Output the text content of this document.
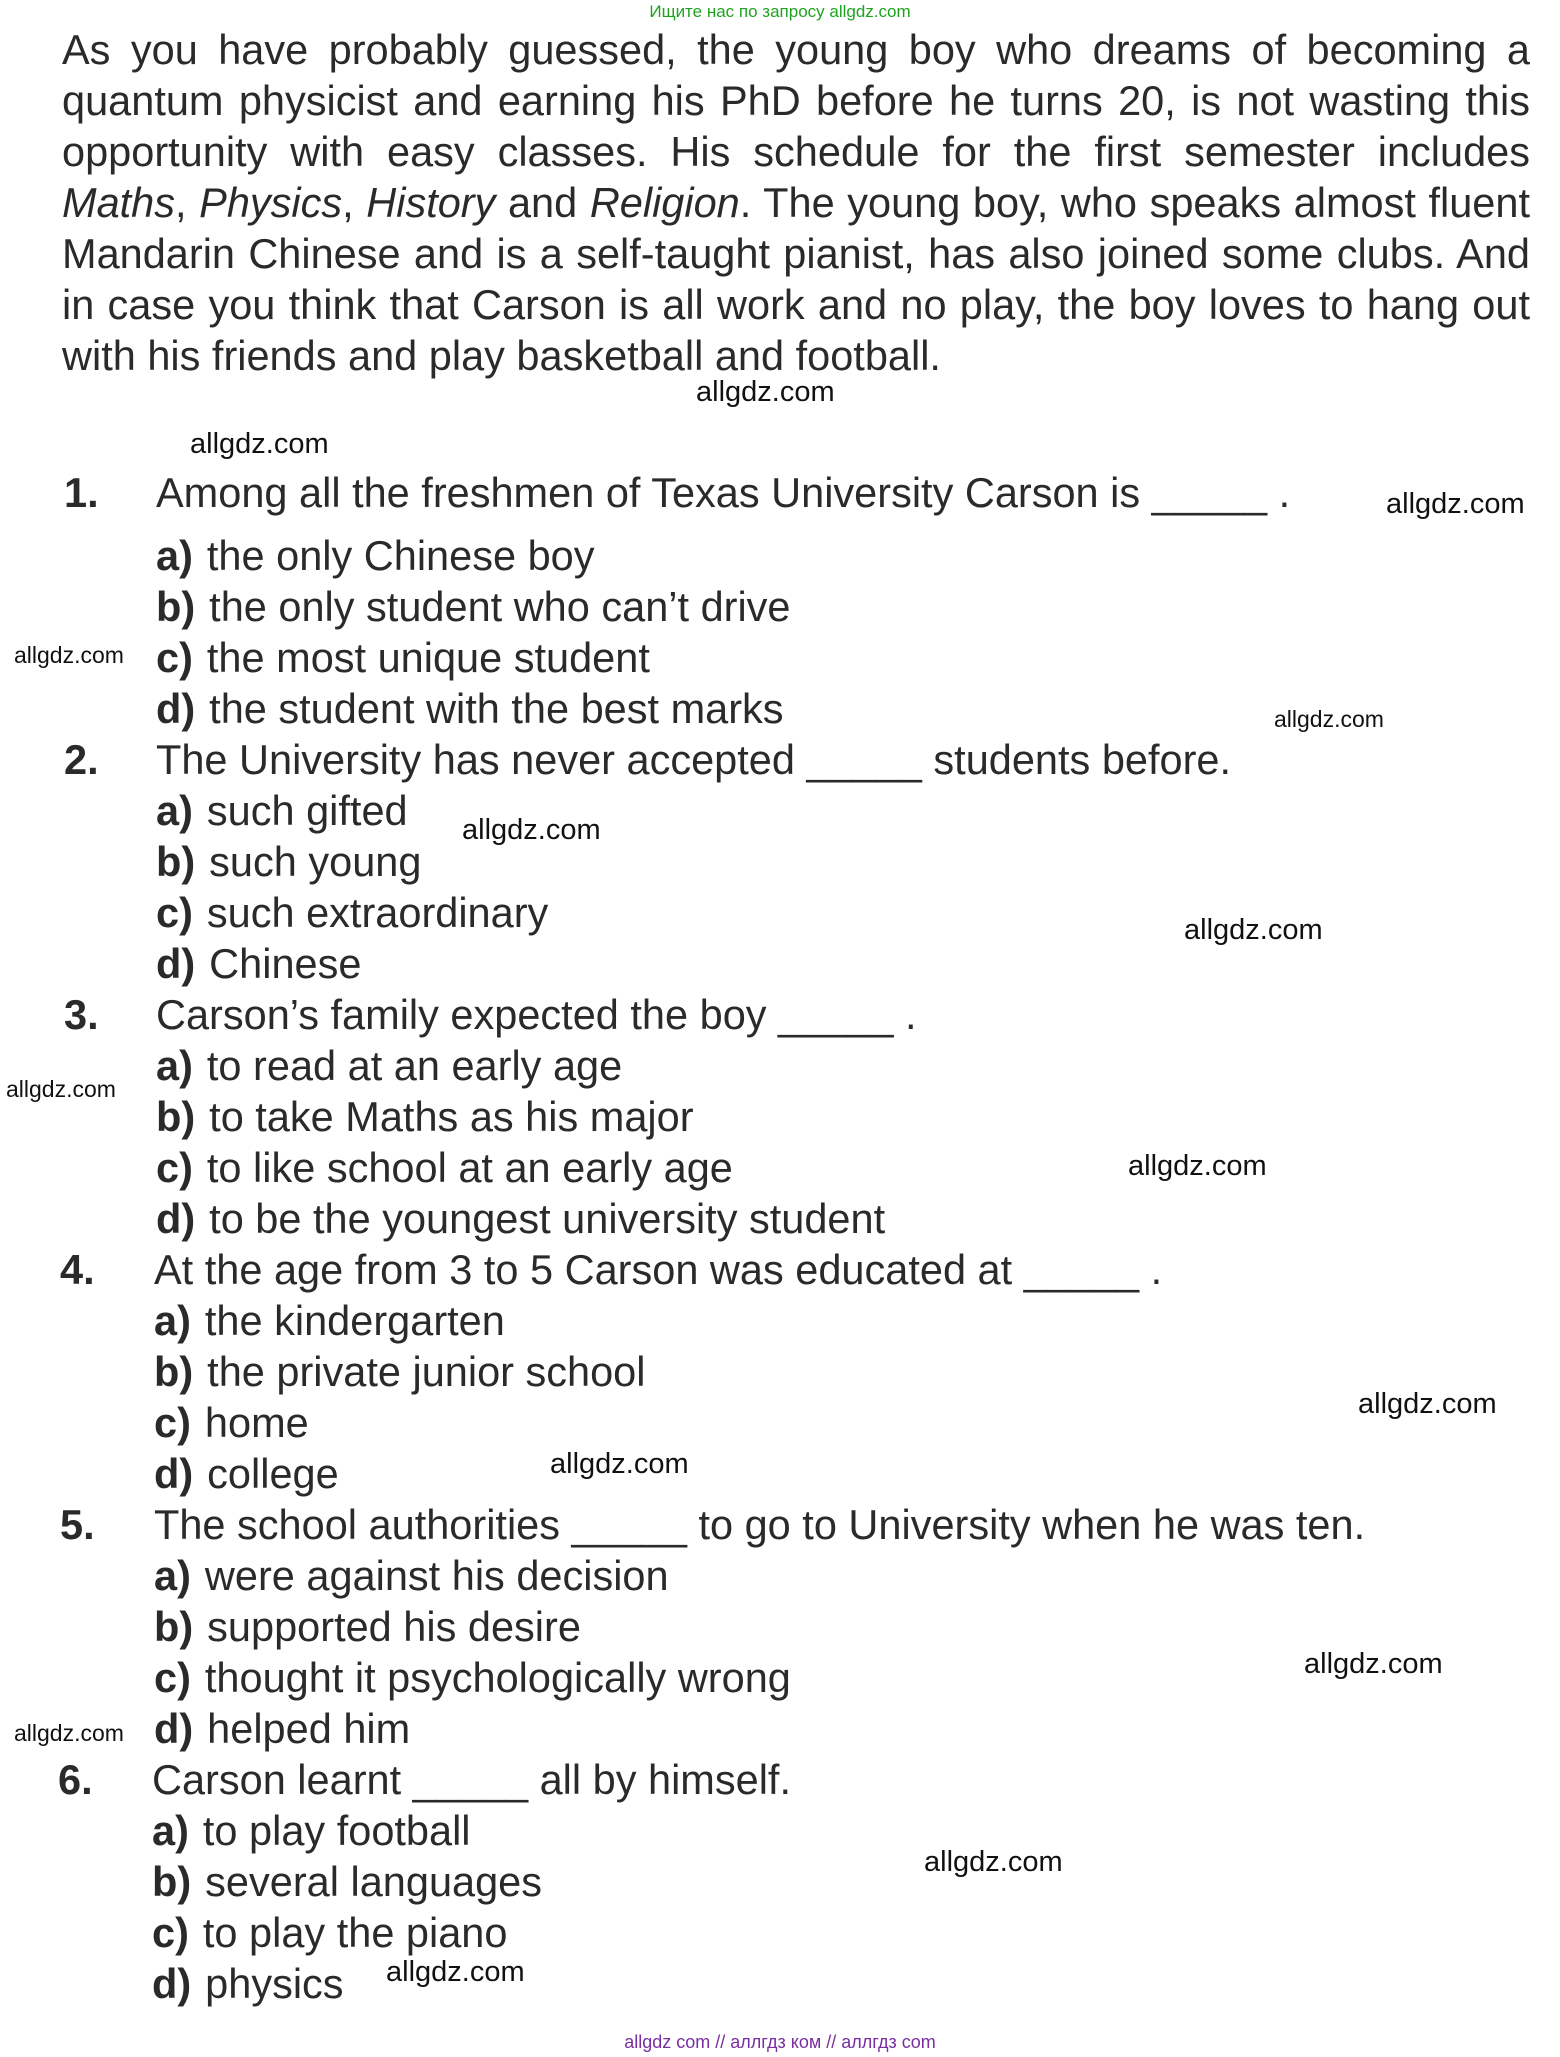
Ищите нас по запросу allgdz.com

As you have probably guessed, the young boy who dreams of becoming a quantum physicist and earning his PhD before he turns 20, is not wasting this opportunity with easy classes. His schedule for the first semester includes Maths, Physics, History and Religion. The young boy, who speaks almost fluent Mandarin Chinese and is a self-taught pianist, has also joined some clubs. And in case you think that Carson is all work and no play, the boy loves to hang out with his friends and play basketball and football.

1. Among all the freshmen of Texas University Carson is _____ .
a) the only Chinese boy
b) the only student who can’t drive
c) the most unique student
d) the student with the best marks
2. The University has never accepted _____ students before.
a) such gifted
b) such young
c) such extraordinary
d) Chinese
3. Carson’s family expected the boy _____ .
a) to read at an early age
b) to take Maths as his major
c) to like school at an early age
d) to be the youngest university student
4. At the age from 3 to 5 Carson was educated at _____ .
a) the kindergarten
b) the private junior school
c) home
d) college
5. The school authorities _____ to go to University when he was ten.
a) were against his decision
b) supported his desire
c) thought it psychologically wrong
d) helped him
6. Carson learnt _____ all by himself.
a) to play football
b) several languages
c) to play the piano
d) physics
allgdz.com
allgdz.com
allgdz.com
allgdz.com
allgdz.com
allgdz.com
allgdz.com
allgdz.com
allgdz.com
allgdz.com
allgdz.com
allgdz.com
allgdz.com
allgdz.com
allgdz.com
allgdz com // аллгдз ком // аллгдз com
